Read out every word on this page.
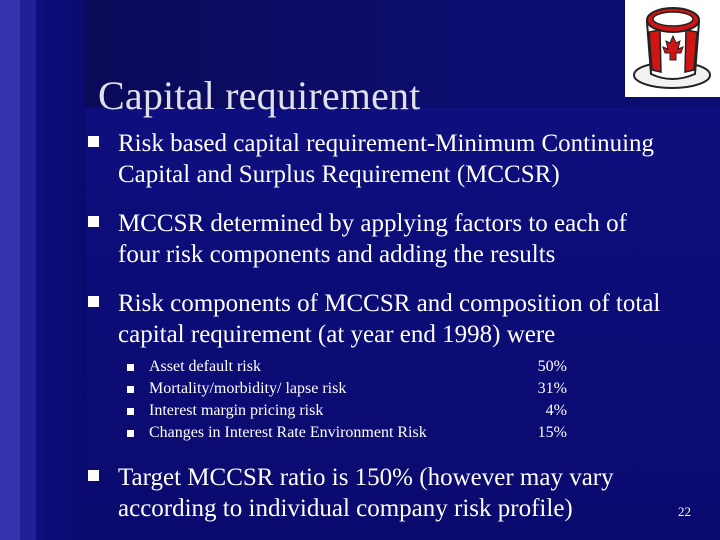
Capital requirement
Risk based capital requirement-Minimum Continuing
Capital and Surplus Requirement (MCCSR)
MCCSR determined by applying factors to each of
four risk components and adding the results
Risk components of MCCSR and composition of total
capital requirement (at year end 1998) were
Asset default risk	50%
Mortality/morbidity/ lapse risk	31%
Interest margin pricing risk	4%
Changes in Interest Rate Environment Risk	15%
Target MCCSR ratio is 150% (however may vary
according to individual company risk profile)	22
